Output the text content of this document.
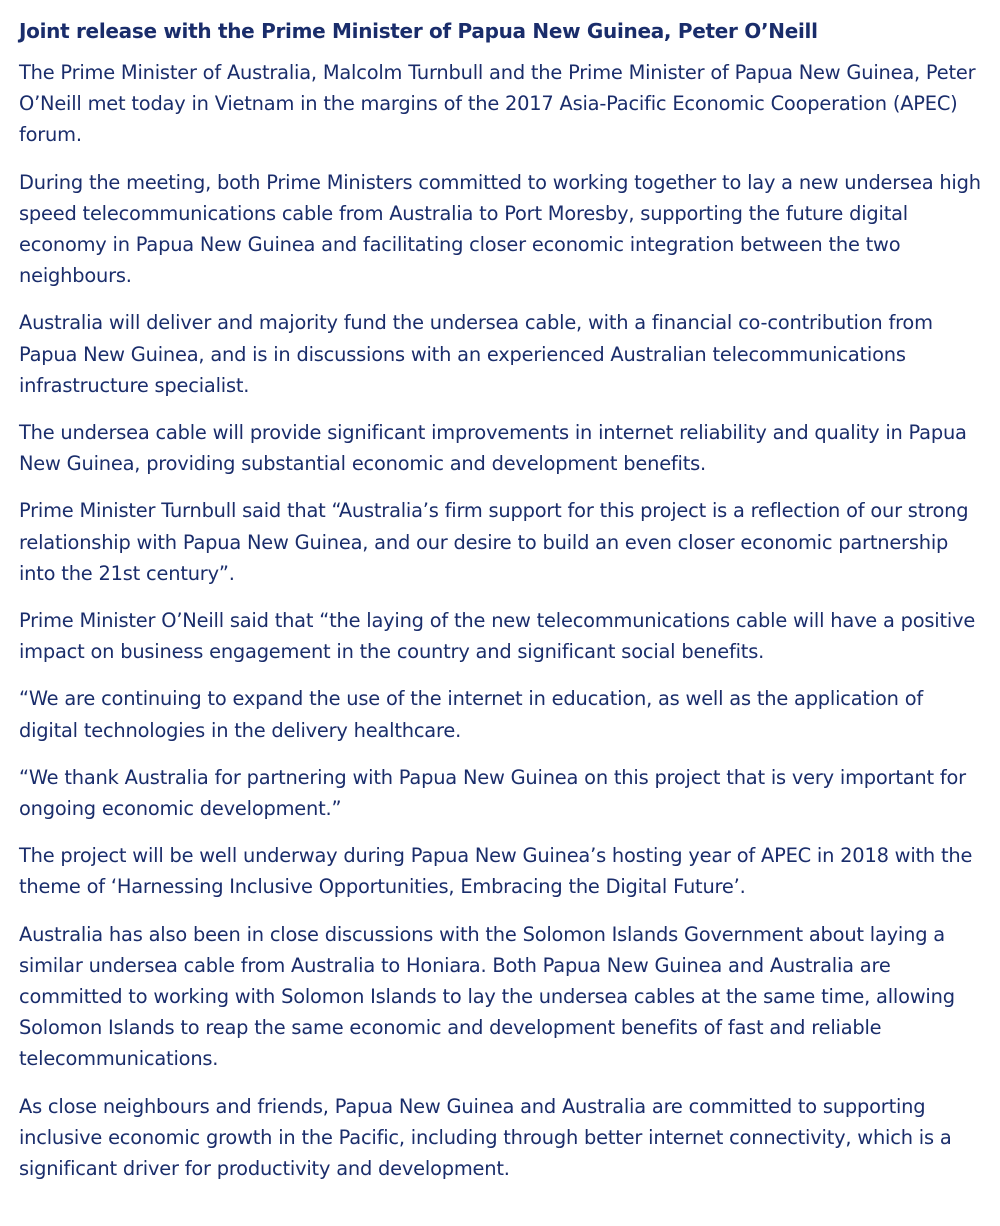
Joint release with the Prime Minister of Papua New Guinea, Peter O’Neill

The Prime Minister of Australia, Malcolm Turnbull and the Prime Minister of Papua New Guinea, Peter O’Neill met today in Vietnam in the margins of the 2017 Asia-Pacific Economic Cooperation (APEC) forum.

During the meeting, both Prime Ministers committed to working together to lay a new undersea high speed telecommunications cable from Australia to Port Moresby, supporting the future digital economy in Papua New Guinea and facilitating closer economic integration between the two neighbours.

Australia will deliver and majority fund the undersea cable, with a financial co-contribution from Papua New Guinea, and is in discussions with an experienced Australian telecommunications infrastructure specialist.

The undersea cable will provide significant improvements in internet reliability and quality in Papua New Guinea, providing substantial economic and development benefits.

Prime Minister Turnbull said that “Australia’s firm support for this project is a reflection of our strong relationship with Papua New Guinea, and our desire to build an even closer economic partnership into the 21st century”.

Prime Minister O’Neill said that “the laying of the new telecommunications cable will have a positive impact on business engagement in the country and significant social benefits.

“We are continuing to expand the use of the internet in education, as well as the application of digital technologies in the delivery healthcare.

“We thank Australia for partnering with Papua New Guinea on this project that is very important for ongoing economic development.”

The project will be well underway during Papua New Guinea’s hosting year of APEC in 2018 with the theme of ‘Harnessing Inclusive Opportunities, Embracing the Digital Future’.

Australia has also been in close discussions with the Solomon Islands Government about laying a similar undersea cable from Australia to Honiara. Both Papua New Guinea and Australia are committed to working with Solomon Islands to lay the undersea cables at the same time, allowing Solomon Islands to reap the same economic and development benefits of fast and reliable telecommunications.

As close neighbours and friends, Papua New Guinea and Australia are committed to supporting inclusive economic growth in the Pacific, including through better internet connectivity, which is a significant driver for productivity and development.
